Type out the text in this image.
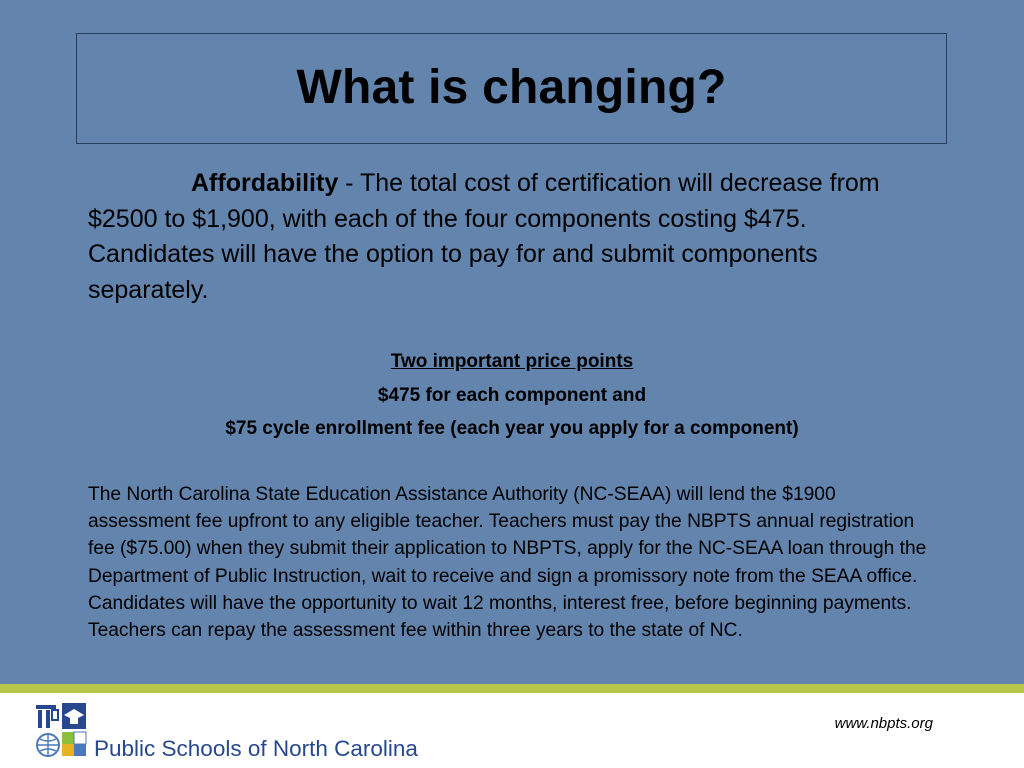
What is changing?

Affordability - The total cost of certification will decrease from $2500 to $1,900, with each of the four components costing $475. Candidates will have the option to pay for and submit components separately.

Two important price points

$475 for each component and

$75 cycle enrollment fee (each year you apply for a component)

The North Carolina State Education Assistance Authority (NC-SEAA) will lend the $1900 assessment fee upfront to any eligible teacher. Teachers must pay the NBPTS annual registration fee ($75.00) when they submit their application to NBPTS, apply for the NC-SEAA loan through the Department of Public Instruction, wait to receive and sign a promissory note from the SEAA office. Candidates will have the opportunity to wait 12 months, interest free, before beginning payments. Teachers can repay the assessment fee within three years to the state of NC.

Public Schools of North Carolina

www.nbpts.org
